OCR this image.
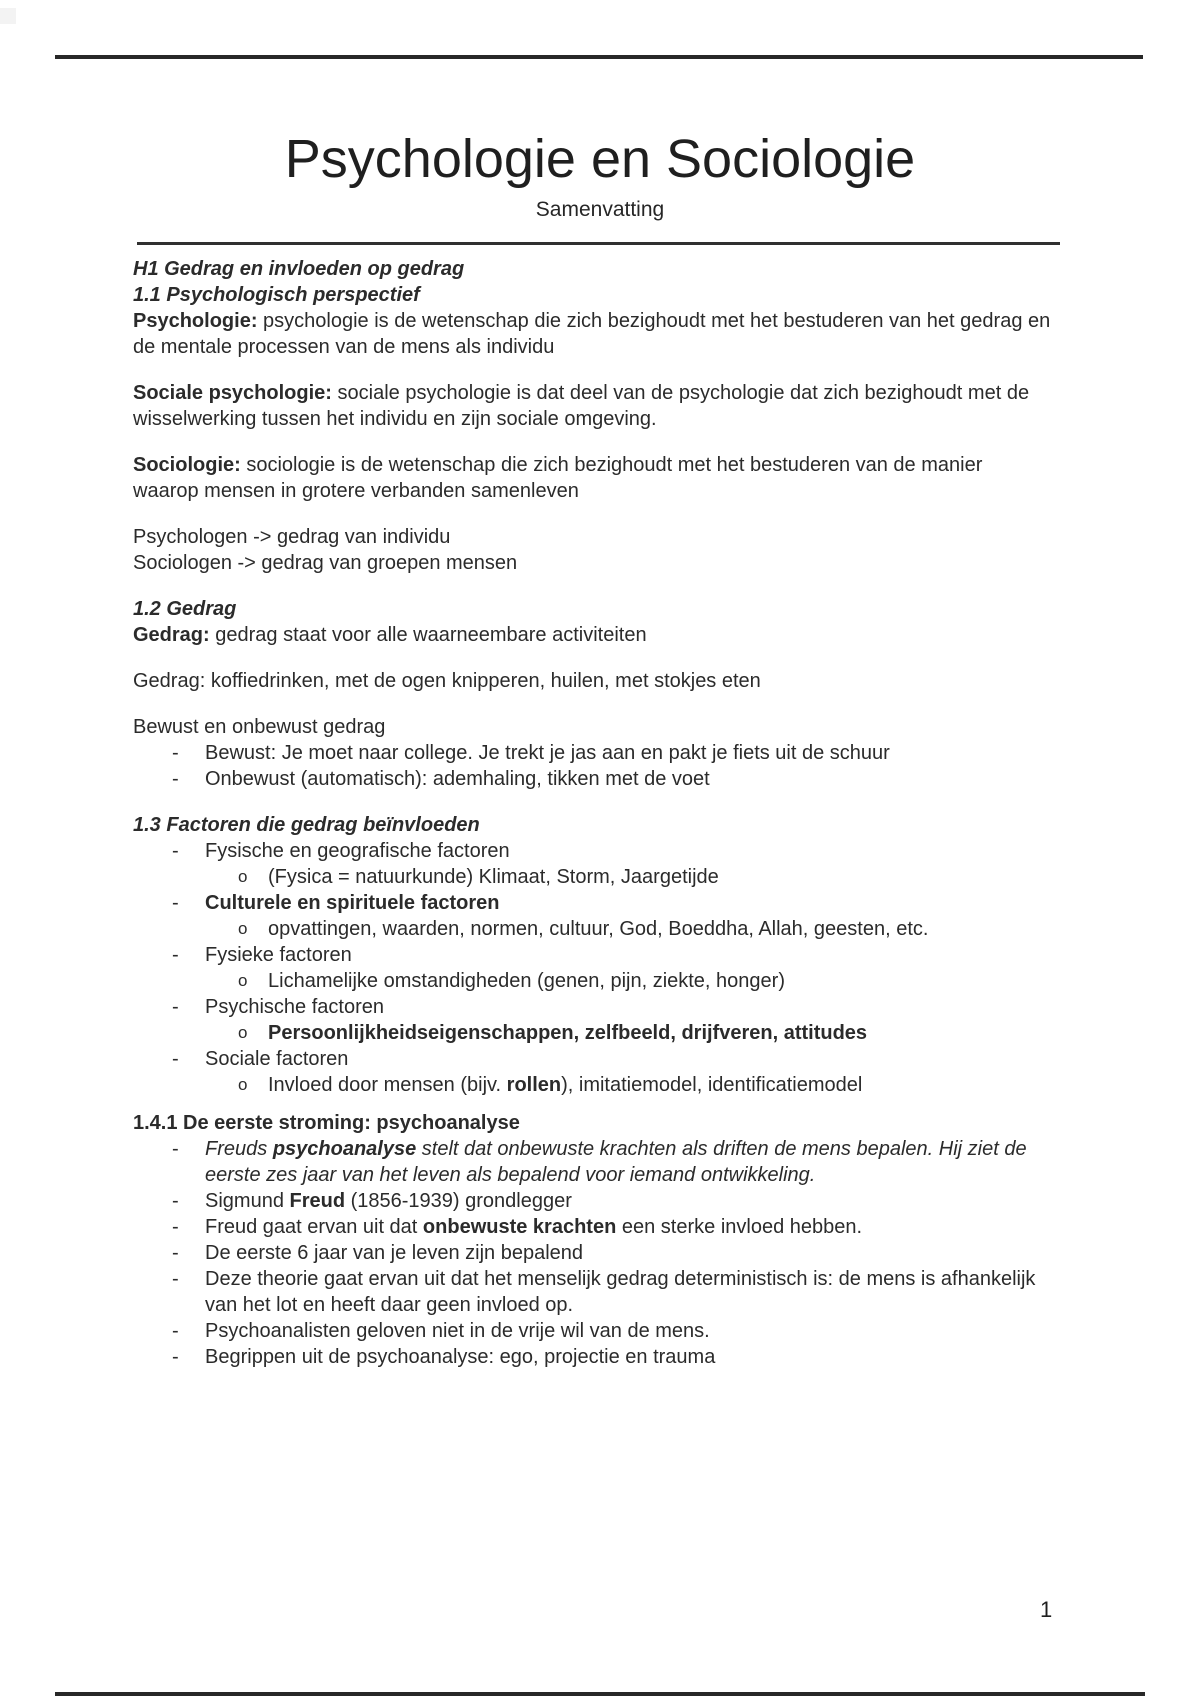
Psychologie en Sociologie
Samenvatting
H1 Gedrag en invloeden op gedrag
1.1 Psychologisch perspectief
Psychologie: psychologie is de wetenschap die zich bezighoudt met het bestuderen van het gedrag en
de mentale processen van de mens als individu
Sociale psychologie: sociale psychologie is dat deel van de psychologie dat zich bezighoudt met de
wisselwerking tussen het individu en zijn sociale omgeving.
Sociologie: sociologie is de wetenschap die zich bezighoudt met het bestuderen van de manier
waarop mensen in grotere verbanden samenleven
Psychologen -> gedrag van individu
Sociologen -> gedrag van groepen mensen
1.2 Gedrag
Gedrag: gedrag staat voor alle waarneembare activiteiten
Gedrag: koffiedrinken, met de ogen knipperen, huilen, met stokjes eten
Bewust en onbewust gedrag
-	Bewust: Je moet naar college. Je trekt je jas aan en pakt je fiets uit de schuur
-	Onbewust (automatisch): ademhaling, tikken met de voet
1.3 Factoren die gedrag beïnvloeden
-	Fysische en geografische factoren
o	(Fysica = natuurkunde) Klimaat, Storm, Jaargetijde
-	Culturele en spirituele factoren
o	opvattingen, waarden, normen, cultuur, God, Boeddha, Allah, geesten, etc.
-	Fysieke factoren
o	Lichamelijke omstandigheden (genen, pijn, ziekte, honger)
-	Psychische factoren
o	Persoonlijkheidseigenschappen, zelfbeeld, drijfveren, attitudes
-	Sociale factoren
o	Invloed door mensen (bijv. rollen), imitatiemodel, identificatiemodel
1.4.1 De eerste stroming: psychoanalyse
-	Freuds psychoanalyse stelt dat onbewuste krachten als driften de mens bepalen. Hij ziet de
eerste zes jaar van het leven als bepalend voor iemand ontwikkeling.
-	Sigmund Freud (1856-1939) grondlegger
-	Freud gaat ervan uit dat onbewuste krachten een sterke invloed hebben.
-	De eerste 6 jaar van je leven zijn bepalend
-	Deze theorie gaat ervan uit dat het menselijk gedrag deterministisch is: de mens is afhankelijk
van het lot en heeft daar geen invloed op.
-	Psychoanalisten geloven niet in de vrije wil van de mens.
-	Begrippen uit de psychoanalyse: ego, projectie en trauma
1
